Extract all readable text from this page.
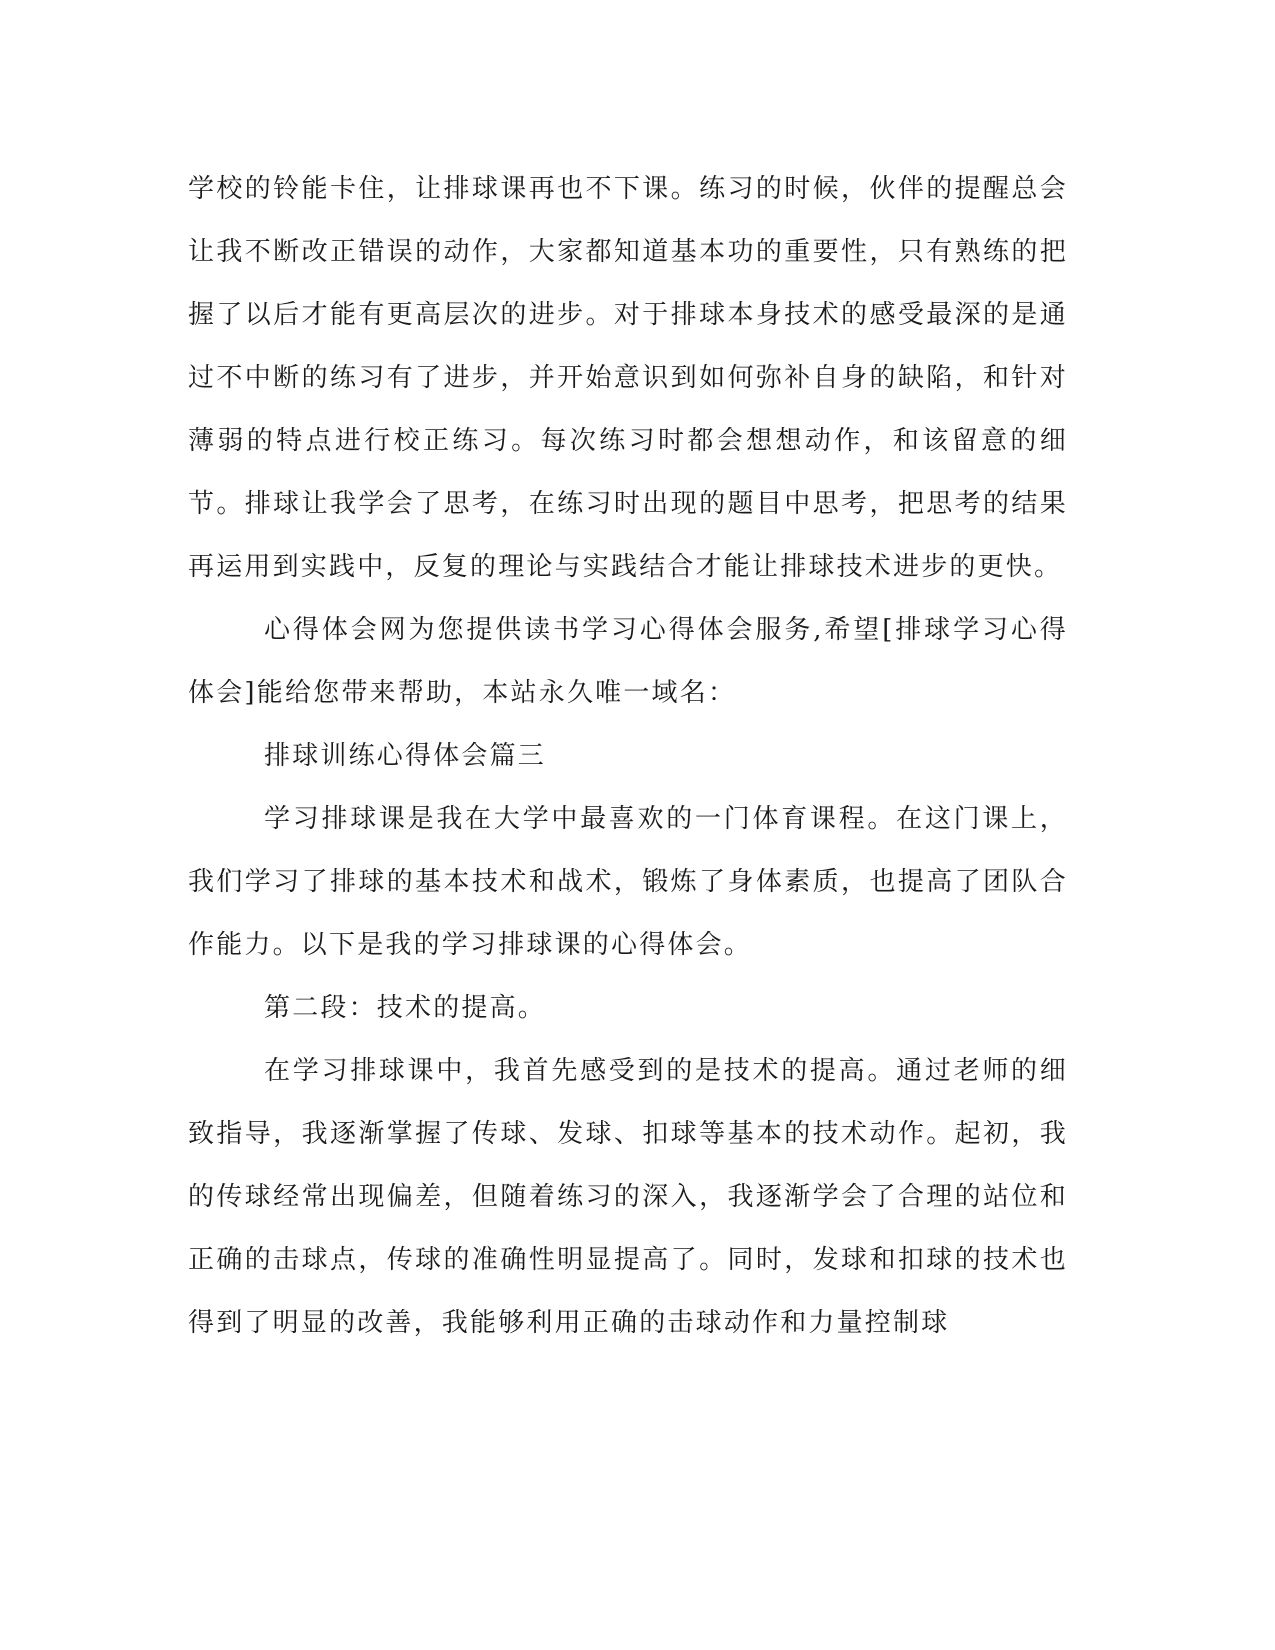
学校的铃能卡住，让排球课再也不下课。练习的时候，伙伴的提醒总会让我不断改正错误的动作，大家都知道基本功的重要性，只有熟练的把握了以后才能有更高层次的进步。对于排球本身技术的感受最深的是通过不中断的练习有了进步，并开始意识到如何弥补自身的缺陷，和针对薄弱的特点进行校正练习。每次练习时都会想想动作，和该留意的细节。排球让我学会了思考，在练习时出现的题目中思考，把思考的结果再运用到实践中，反复的理论与实践结合才能让排球技术进步的更快。

心得体会网为您提供读书学习心得体会服务,希望[排球学习心得体会]能给您带来帮助，本站永久唯一域名：

排球训练心得体会篇三

学习排球课是我在大学中最喜欢的一门体育课程。在这门课上，我们学习了排球的基本技术和战术，锻炼了身体素质，也提高了团队合作能力。以下是我的学习排球课的心得体会。

第二段：技术的提高。

在学习排球课中，我首先感受到的是技术的提高。通过老师的细致指导，我逐渐掌握了传球、发球、扣球等基本的技术动作。起初，我的传球经常出现偏差，但随着练习的深入，我逐渐学会了合理的站位和正确的击球点，传球的准确性明显提高了。同时，发球和扣球的技术也得到了明显的改善，我能够利用正确的击球动作和力量控制球
